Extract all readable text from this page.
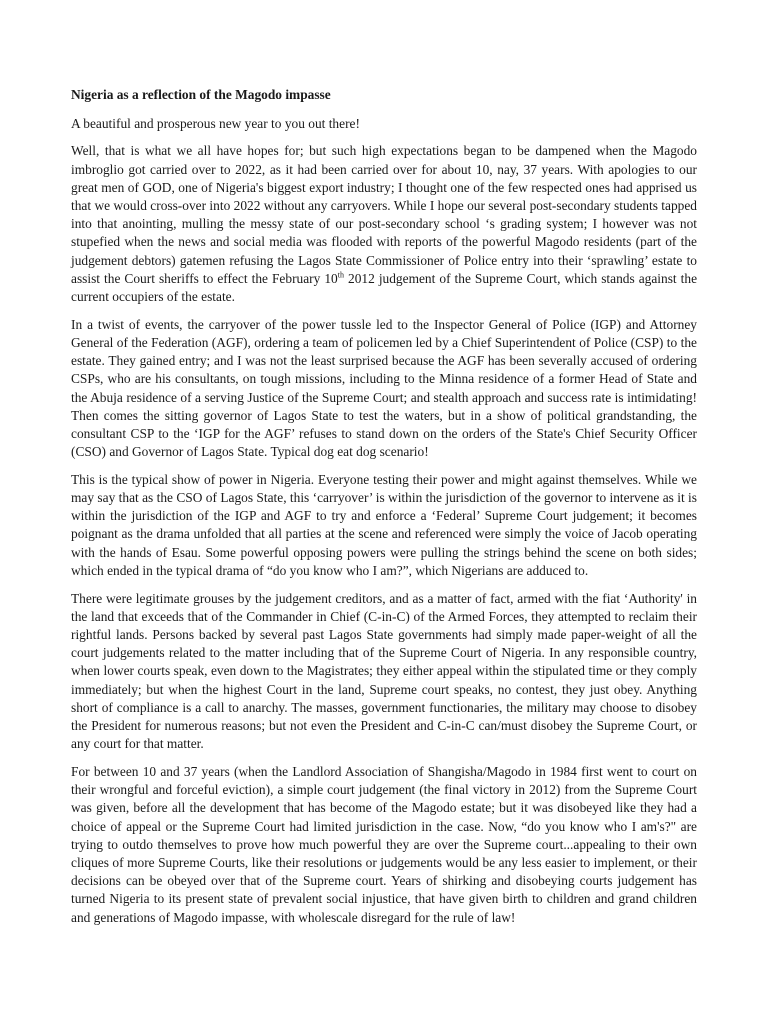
Nigeria as a reflection of the Magodo impasse

A beautiful and prosperous new year to you out there!

Well, that is what we all have hopes for; but such high expectations began to be dampened when the Magodo imbroglio got carried over to 2022, as it had been carried over for about 10, nay, 37 years. With apologies to our great men of GOD, one of Nigeria's biggest export industry; I thought one of the few respected ones had apprised us that we would cross-over into 2022 without any carryovers. While I hope our several post-secondary students tapped into that anointing, mulling the messy state of our post-secondary school ‘s grading system; I however was not stupefied when the news and social media was flooded with reports of the powerful Magodo residents (part of the judgement debtors) gatemen refusing the Lagos State Commissioner of Police entry into their ‘sprawling’ estate to assist the Court sheriffs to effect the February 10th 2012 judgement of the Supreme Court, which stands against the current occupiers of the estate.

In a twist of events, the carryover of the power tussle led to the Inspector General of Police (IGP) and Attorney General of the Federation (AGF), ordering a team of policemen led by a Chief Superintendent of Police (CSP) to the estate. They gained entry; and I was not the least surprised because the AGF has been severally accused of ordering CSPs, who are his consultants, on tough missions, including to the Minna residence of a former Head of State and the Abuja residence of a serving Justice of the Supreme Court; and stealth approach and success rate is intimidating! Then comes the sitting governor of Lagos State to test the waters, but in a show of political grandstanding, the consultant CSP to the ‘IGP for the AGF’ refuses to stand down on the orders of the State's Chief Security Officer (CSO) and Governor of Lagos State. Typical dog eat dog scenario!

This is the typical show of power in Nigeria. Everyone testing their power and might against themselves. While we may say that as the CSO of Lagos State, this ‘carryover’ is within the jurisdiction of the governor to intervene as it is within the jurisdiction of the IGP and AGF to try and enforce a ‘Federal’ Supreme Court judgement; it becomes poignant as the drama unfolded that all parties at the scene and referenced were simply the voice of Jacob operating with the hands of Esau. Some powerful opposing powers were pulling the strings behind the scene on both sides; which ended in the typical drama of “do you know who I am?”, which Nigerians are adduced to.

There were legitimate grouses by the judgement creditors, and as a matter of fact, armed with the fiat ‘Authority' in the land that exceeds that of the Commander in Chief (C-in-C) of the Armed Forces, they attempted to reclaim their rightful lands. Persons backed by several past Lagos State governments had simply made paper-weight of all the court judgements related to the matter including that of the Supreme Court of Nigeria. In any responsible country, when lower courts speak, even down to the Magistrates; they either appeal within the stipulated time or they comply immediately; but when the highest Court in the land, Supreme court speaks, no contest, they just obey. Anything short of compliance is a call to anarchy. The masses, government functionaries, the military may choose to disobey the President for numerous reasons; but not even the President and C-in-C can/must disobey the Supreme Court, or any court for that matter.

For between 10 and 37 years (when the Landlord Association of Shangisha/Magodo in 1984 first went to court on their wrongful and forceful eviction), a simple court judgement (the final victory in 2012) from the Supreme Court was given, before all the development that has become of the Magodo estate; but it was disobeyed like they had a choice of appeal or the Supreme Court had limited jurisdiction in the case. Now, “do you know who I am's?" are trying to outdo themselves to prove how much powerful they are over the Supreme court...appealing to their own cliques of more Supreme Courts, like their resolutions or judgements would be any less easier to implement, or their decisions can be obeyed over that of the Supreme court. Years of shirking and disobeying courts judgement has turned Nigeria to its present state of prevalent social injustice, that have given birth to children and grand children and generations of Magodo impasse, with wholescale disregard for the rule of law!
